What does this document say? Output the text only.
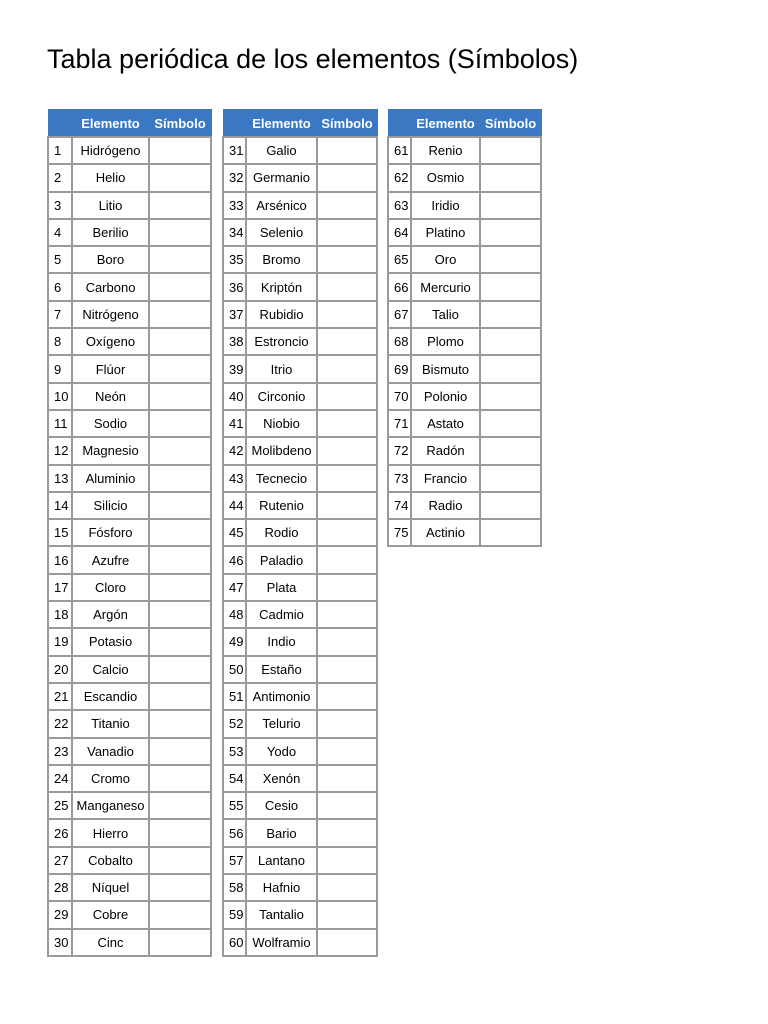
Tabla periódica de los elementos (Símbolos)
	Elemento	Símbolo
1	Hidrógeno	
2	Helio	
3	Litio	
4	Berilio	
5	Boro	
6	Carbono	
7	Nitrógeno	
8	Oxígeno	
9	Flúor	
10	Neón	
11	Sodio	
12	Magnesio	
13	Aluminio	
14	Silicio	
15	Fósforo	
16	Azufre	
17	Cloro	
18	Argón	
19	Potasio	
20	Calcio	
21	Escandio	
22	Titanio	
23	Vanadio	
24	Cromo	
25	Manganeso	
26	Hierro	
27	Cobalto	
28	Níquel	
29	Cobre	
30	Cinc	
	Elemento	Símbolo
31	Galio	
32	Germanio	
33	Arsénico	
34	Selenio	
35	Bromo	
36	Kriptón	
37	Rubidio	
38	Estroncio	
39	Itrio	
40	Circonio	
41	Niobio	
42	Molibdeno	
43	Tecnecio	
44	Rutenio	
45	Rodio	
46	Paladio	
47	Plata	
48	Cadmio	
49	Indio	
50	Estaño	
51	Antimonio	
52	Telurio	
53	Yodo	
54	Xenón	
55	Cesio	
56	Bario	
57	Lantano	
58	Hafnio	
59	Tantalio	
60	Wolframio	
	Elemento	Símbolo
61	Renio	
62	Osmio	
63	Iridio	
64	Platino	
65	Oro	
66	Mercurio	
67	Talio	
68	Plomo	
69	Bismuto	
70	Polonio	
71	Astato	
72	Radón	
73	Francio	
74	Radio	
75	Actinio	
